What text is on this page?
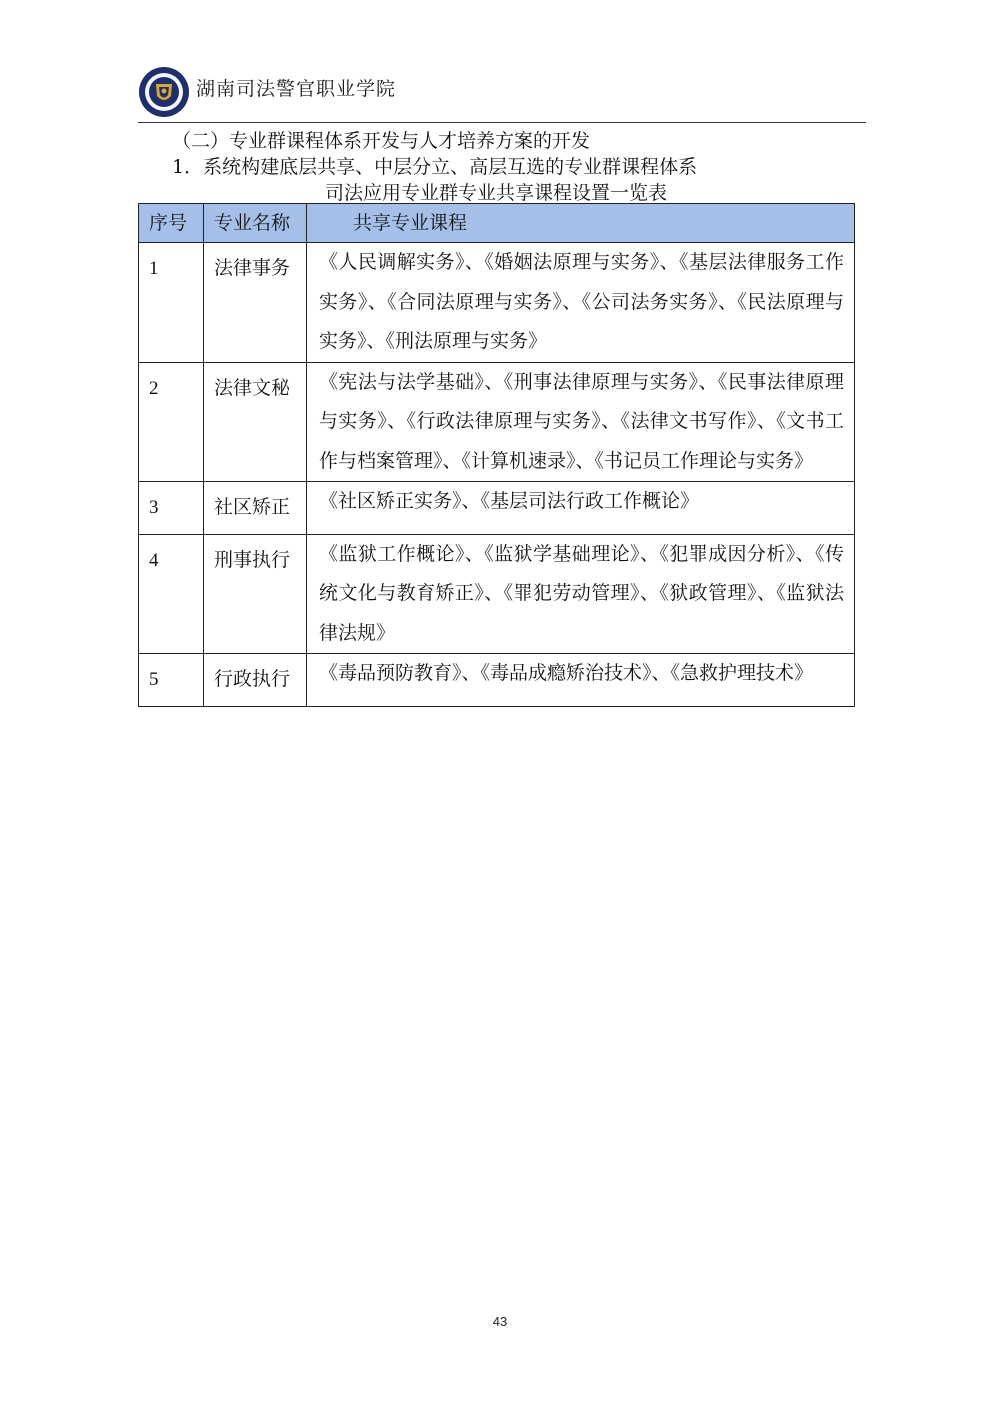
湖南司法警官职业学院
（二）专业群课程体系开发与人才培养方案的开发
1．系统构建底层共享、中层分立、高层互选的专业群课程体系
司法应用专业群专业共享课程设置一览表
序号	专业名称	共享专业课程
1	法律事务	《人民调解实务》、《婚姻法原理与实务》、《基层法律服务工作实务》、《合同法原理与实务》、《公司法务实务》、《民法原理与实务》、《刑法原理与实务》
2	法律文秘	《宪法与法学基础》、《刑事法律原理与实务》、《民事法律原理与实务》、《行政法律原理与实务》、《法律文书写作》、《文书工作与档案管理》、《计算机速录》、《书记员工作理论与实务》
3	社区矫正	《社区矫正实务》、《基层司法行政工作概论》
4	刑事执行	《监狱工作概论》、《监狱学基础理论》、《犯罪成因分析》、《传统文化与教育矫正》、《罪犯劳动管理》、《狱政管理》、《监狱法律法规》
5	行政执行	《毒品预防教育》、《毒品成瘾矫治技术》、《急救护理技术》
43
